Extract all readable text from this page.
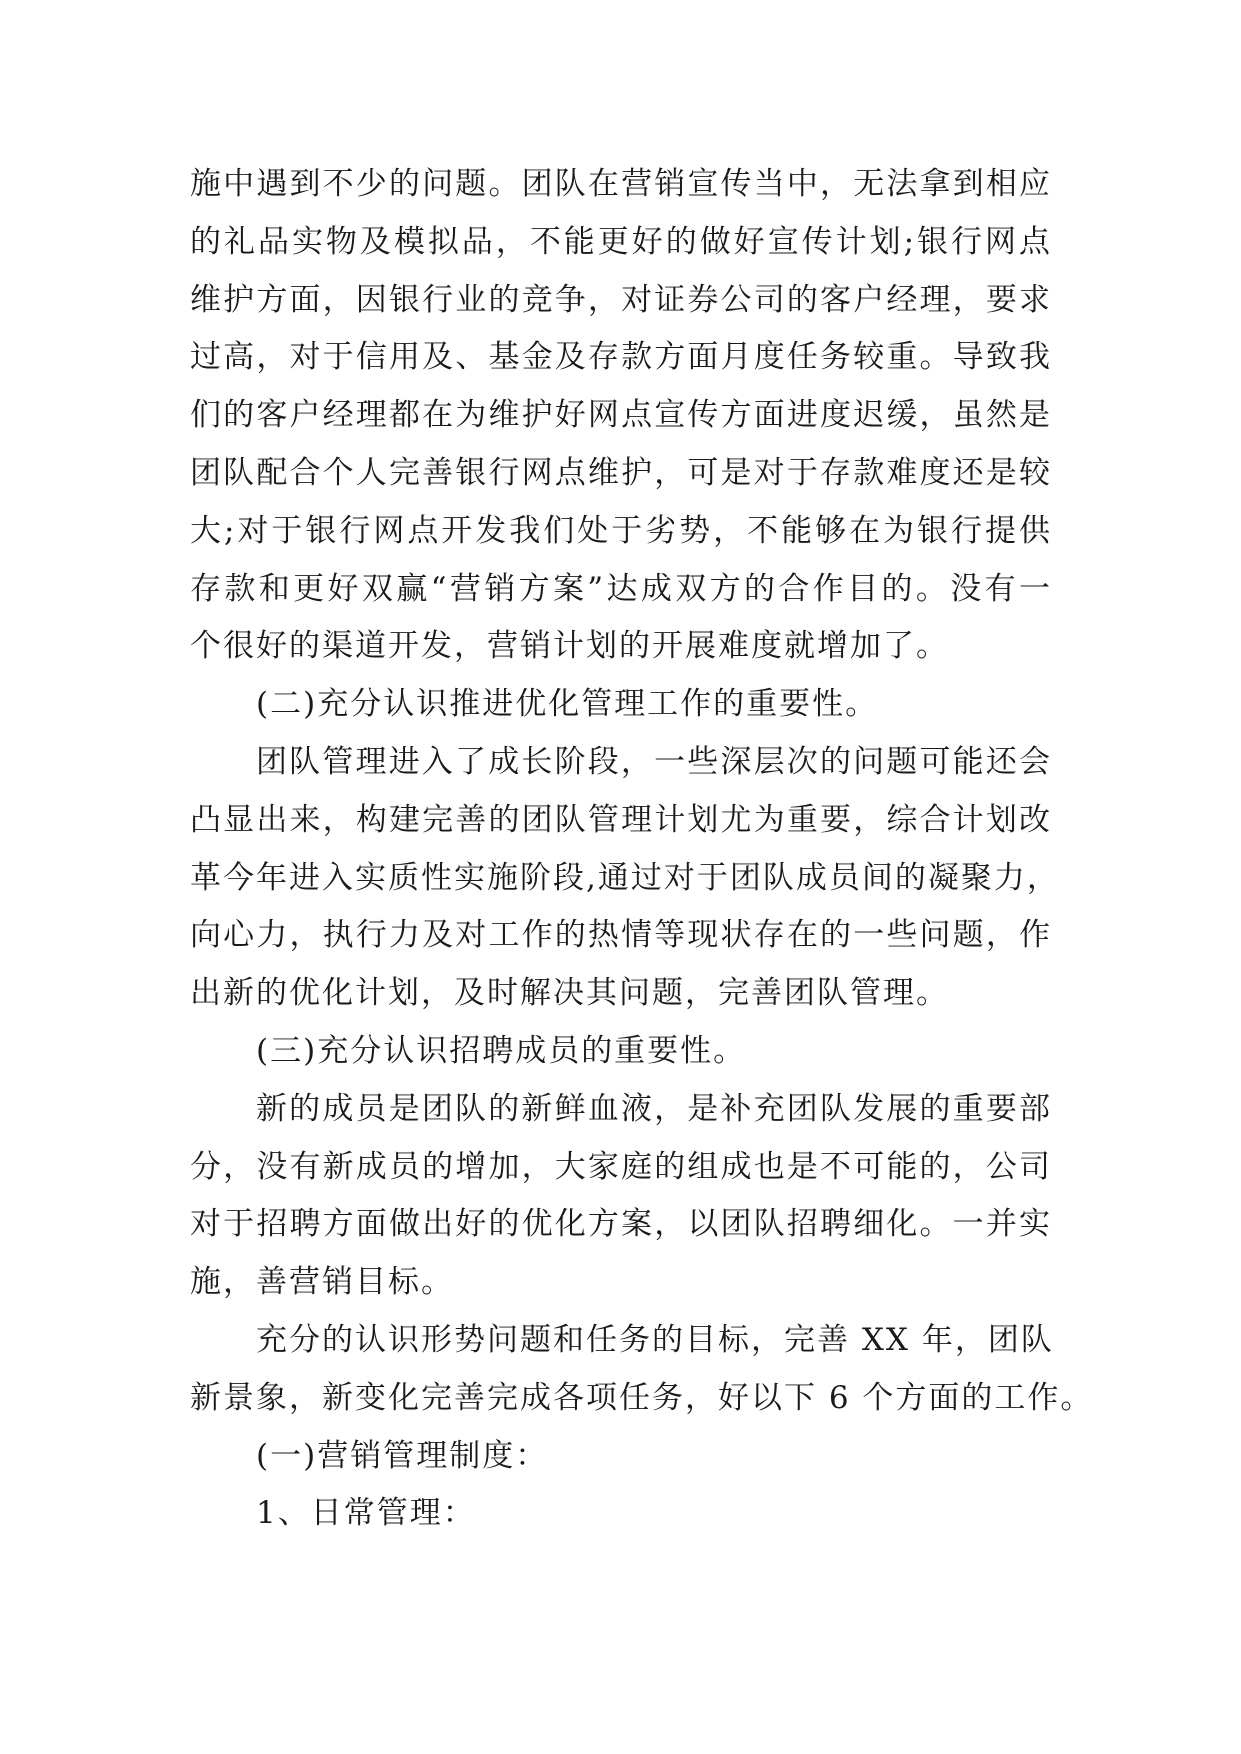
施中遇到不少的问题。团队在营销宣传当中，无法拿到相应
的礼品实物及模拟品，不能更好的做好宣传计划;银行网点
维护方面，因银行业的竞争，对证券公司的客户经理，要求
过高，对于信用及、基金及存款方面月度任务较重。导致我
们的客户经理都在为维护好网点宣传方面进度迟缓，虽然是
团队配合个人完善银行网点维护，可是对于存款难度还是较
大;对于银行网点开发我们处于劣势，不能够在为银行提供
存款和更好双赢“营销方案”达成双方的合作目的。没有一
个很好的渠道开发，营销计划的开展难度就增加了。
(二)充分认识推进优化管理工作的重要性。
团队管理进入了成长阶段，一些深层次的问题可能还会
凸显出来，构建完善的团队管理计划尤为重要，综合计划改
革今年进入实质性实施阶段,通过对于团队成员间的凝聚力，
向心力，执行力及对工作的热情等现状存在的一些问题，作
出新的优化计划，及时解决其问题，完善团队管理。
(三)充分认识招聘成员的重要性。
新的成员是团队的新鲜血液，是补充团队发展的重要部
分，没有新成员的增加，大家庭的组成也是不可能的，公司
对于招聘方面做出好的优化方案，以团队招聘细化。一并实
施，善营销目标。
充分的认识形势问题和任务的目标，完善 XX 年，团队
新景象，新变化完善完成各项任务，好以下 6 个方面的工作。
(一)营销管理制度：
1、日常管理：
